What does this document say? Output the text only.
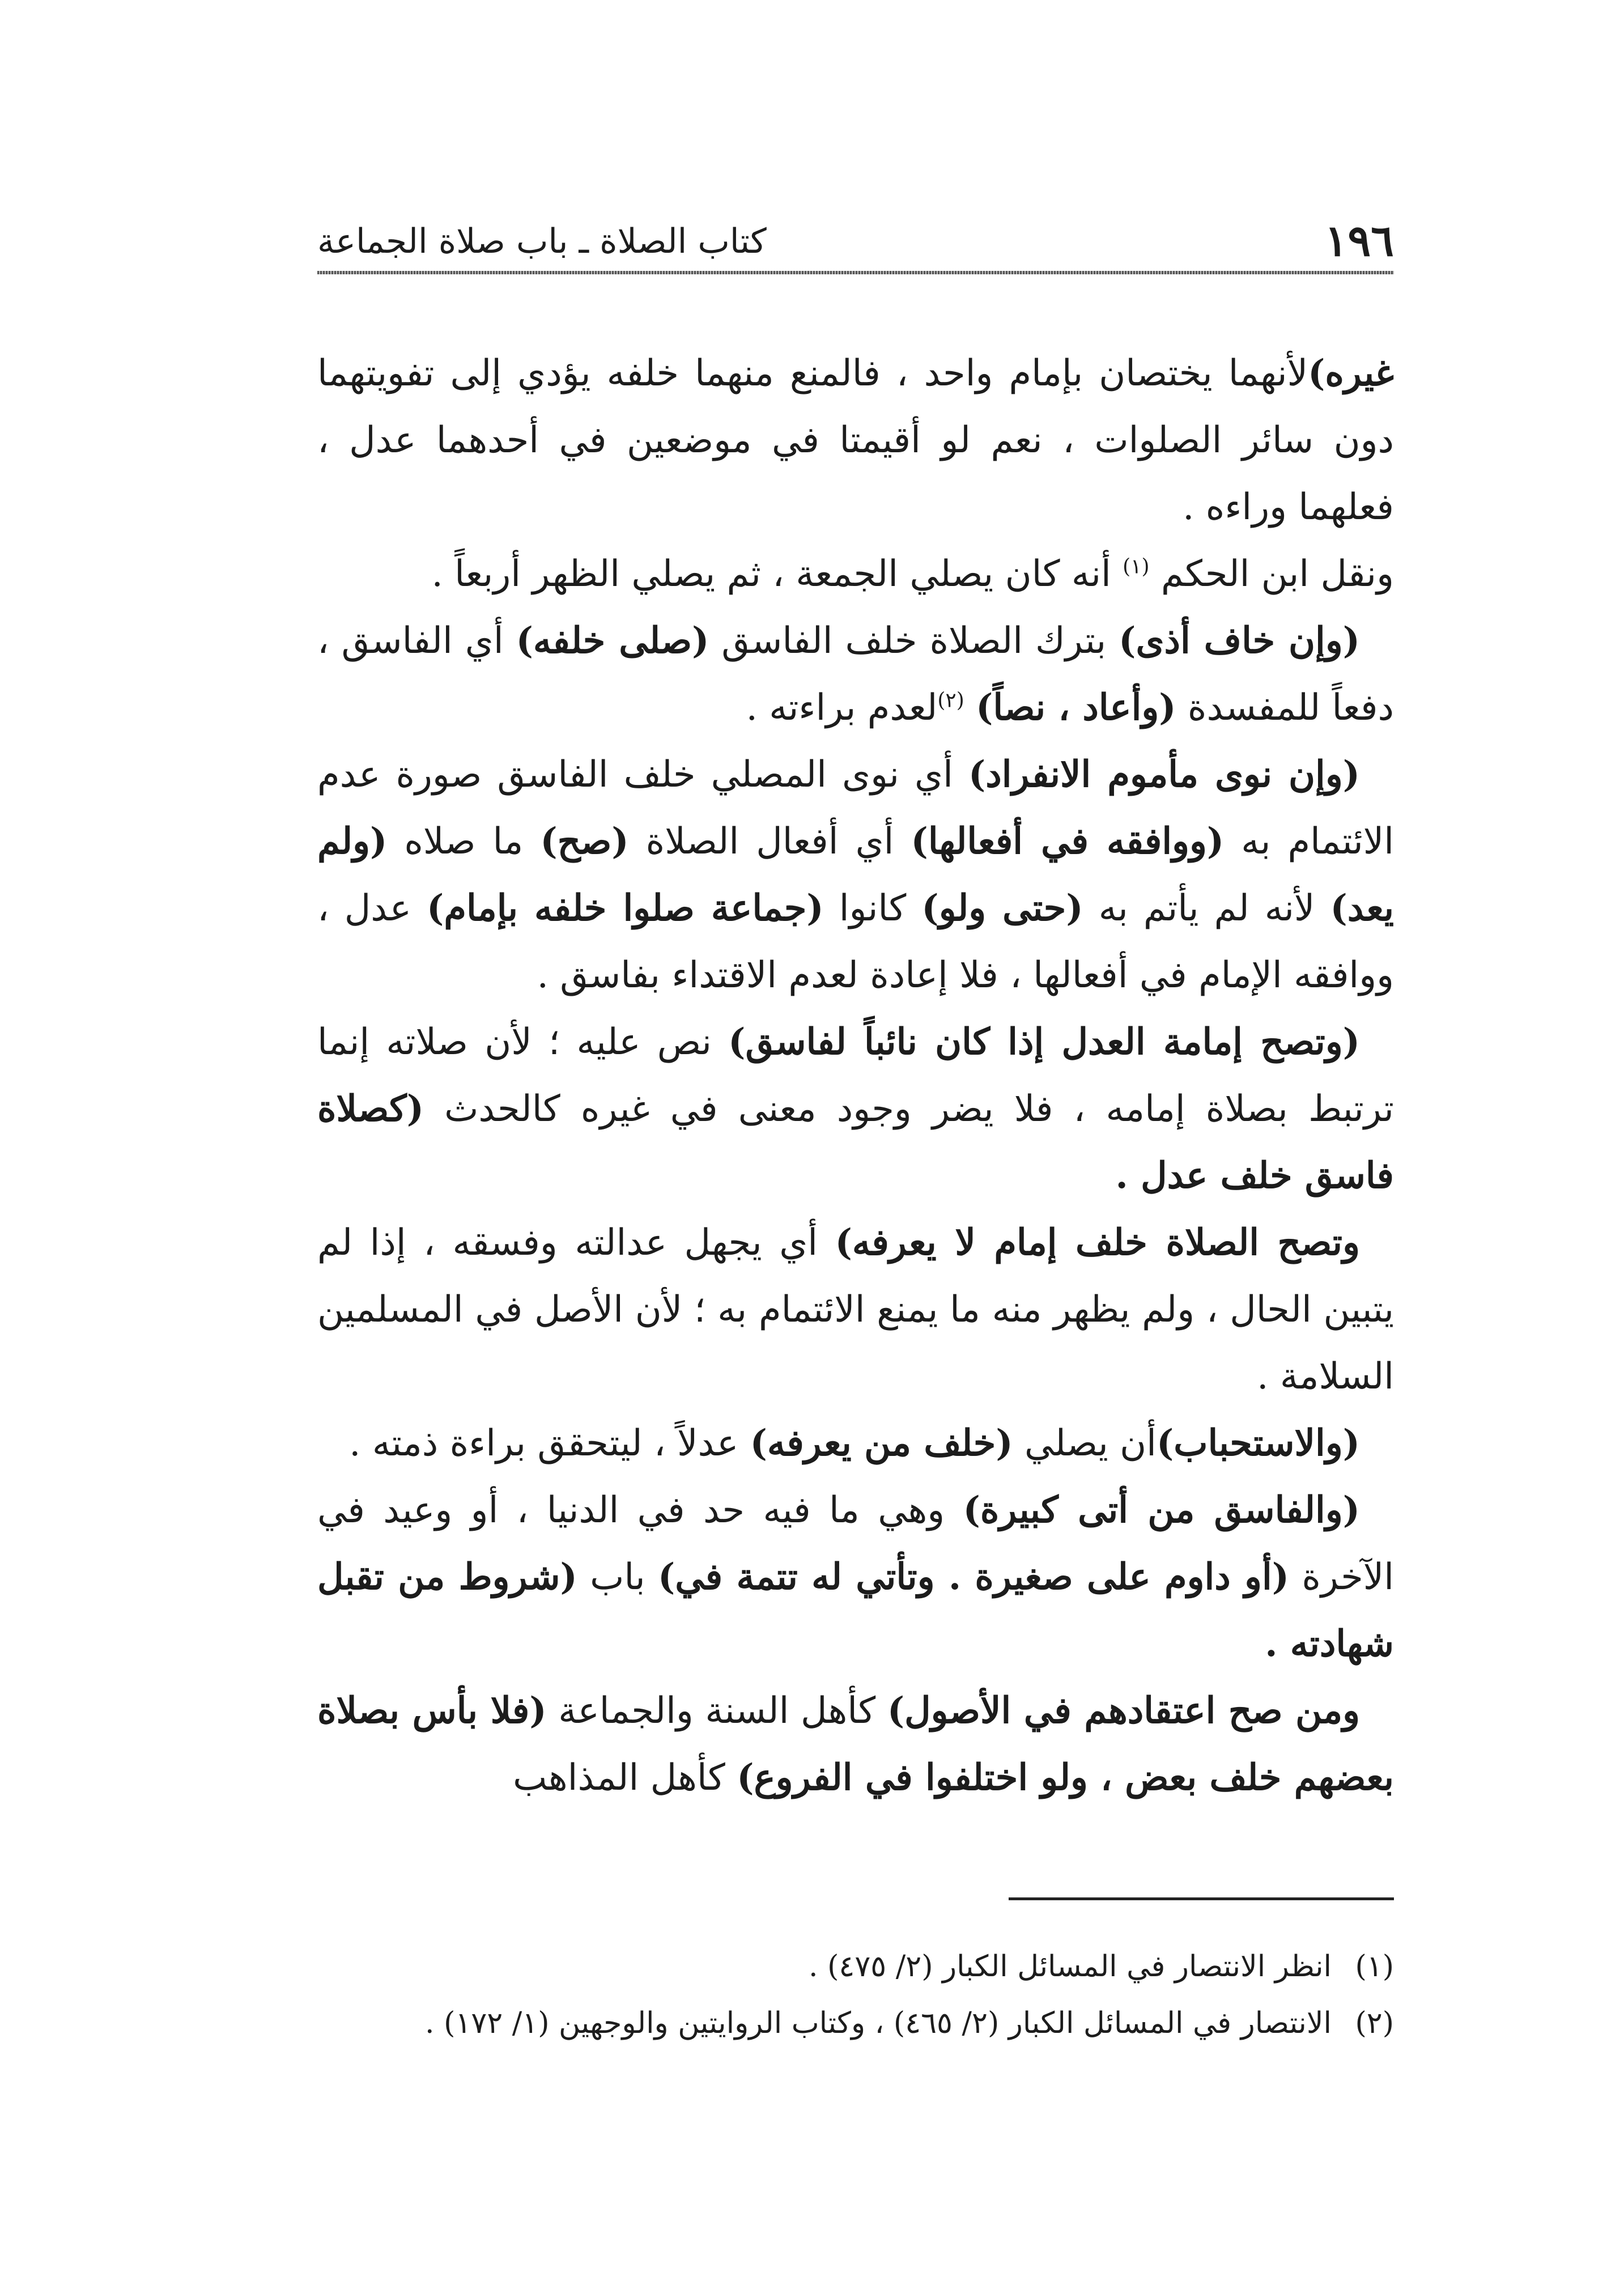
١٩٦
كتاب الصلاة ـ باب صلاة الجماعة

غيره)لأنهما يختصان بإمام واحد ، فالمنع منهما خلفه يؤدي إلى تفويتهما دون سائر الصلوات ، نعم لو أقيمتا في موضعين في أحدهما عدل ، فعلهما وراءه .

ونقل ابن الحكم $^{(١)}$ أنه كان يصلي الجمعة ، ثم يصلي الظهر أربعاً .

(وإن خاف أذى) بترك الصلاة خلف الفاسق (صلى خلفه) أي الفاسق ، دفعاً للمفسدة (وأعاد ، نصاً) $^{(٢)}$لعدم براءته .

(وإن نوى مأموم الانفراد) أي نوى المصلي خلف الفاسق صورة عدم الائتمام به (ووافقه في أفعالها) أي أفعال الصلاة (صح) ما صلاه (ولم يعد) لأنه لم يأتم به (حتى ولو) كانوا (جماعة صلوا خلفه بإمام) عدل ، ووافقه الإمام في أفعالها ، فلا إعادة لعدم الاقتداء بفاسق .

(وتصح إمامة العدل إذا كان نائباً لفاسق) نص عليه ؛ لأن صلاته إنما ترتبط بصلاة إمامه ، فلا يضر وجود معنى في غيره كالحدث (كصلاة فاسق خلف عدل .

وتصح الصلاة خلف إمام لا يعرفه) أي يجهل عدالته وفسقه ، إذا لم يتبين الحال ، ولم يظهر منه ما يمنع الائتمام به ؛ لأن الأصل في المسلمين السلامة .

(والاستحباب)أن يصلي (خلف من يعرفه) عدلاً ، ليتحقق براءة ذمته .

(والفاسق من أتى كبيرة) وهي ما فيه حد في الدنيا ، أو وعيد في الآخرة (أو داوم على صغيرة . وتأتي له تتمة في) باب (شروط من تقبل شهادته .

ومن صح اعتقادهم في الأصول) كأهل السنة والجماعة (فلا بأس بصلاة بعضهم خلف بعض ، ولو اختلفوا في الفروع) كأهل المذاهب

(١)
انظر الانتصار في المسائل الكبار (٢/ ٤٧٥) .
(٢)
الانتصار في المسائل الكبار (٢/ ٤٦٥) ، وكتاب الروايتين والوجهين (١/ ١٧٢) .
